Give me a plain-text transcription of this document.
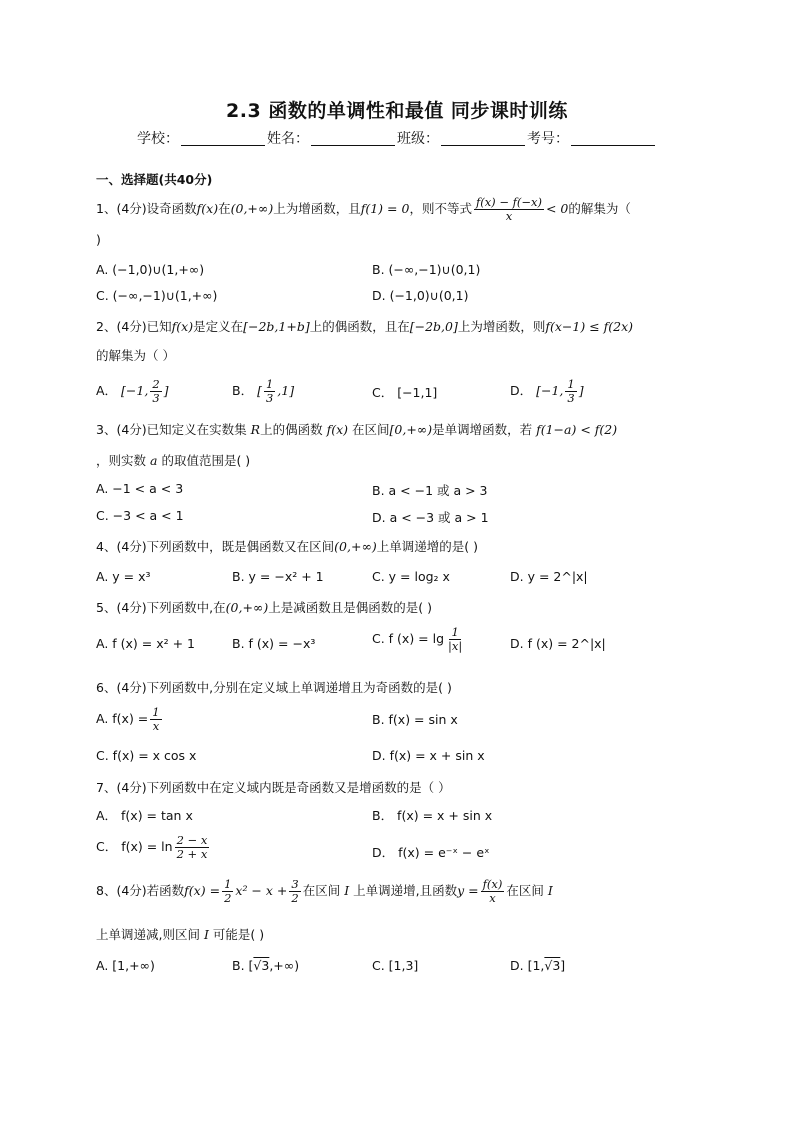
2.3 函数的单调性和最值 同步课时训练
学校：	姓名：	班级：	考号：
一、选择题(共40分)
1、(4分)设奇函数f(x)在(0,+∞)上为增函数，且f(1) = 0，则不等式 $\frac{f(x) - f(-x)}{x} < 0$的解集为（
)
A. (−1,0)∪(1,+∞)	B. (−∞,−1)∪(0,1)
C. (−∞,−1)∪(1,+∞)	D. (−1,0)∪(0,1)
2、(4分)已知f(x)是定义在[−2b,1+b]上的偶函数，且在[−2b,0]上为增函数，则f(x−1) ≤ f(2x)
的解集为（ ）
A． [−1, $\frac{2}{3}$ ]	B． [ $\frac{1}{3} ,1$]	C． [−1,1]	D． [−1, $\frac{1}{3}$ ]
3、(4分)已知定义在实数集 R上的偶函数 f(x) 在区间[0,+∞)是单调增函数，若 f(1−a) < f(2)
，则实数 a 的取值范围是( )
A. −1 < a < 3	B. a < −1 或 a > 3
C. −3 < a < 1	D. a < −3 或 a > 1
4、(4分)下列函数中，既是偶函数又在区间(0,+∞)上单调递增的是( )
A. y = x³	B. y = −x² + 1	C. y = log₂ x	D. y = 2^|x|
5、(4分)下列函数中,在(0,+∞)上是减函数且是偶函数的是( )
A. f (x) = x² + 1	B. f (x) = −x³	C. f $(x) = \lg \frac{1}{|x|}$	D. f (x) = 2^|x|
6、(4分)下列函数中,分别在定义域上单调递增且为奇函数的是( )
A. $f(x) = \frac{1}{x}$	B. f(x) = sin x
C. f(x) = x cos x	D. f(x) = x + sin x
7、(4分)下列函数中在定义域内既是奇函数又是增函数的是（ ）
A． f(x) = tan x	B． f(x) = x + sin x
C． $f(x) = \ln \frac{2 - x}{2 + x}$	D． f(x) = e⁻ˣ − eˣ
8、(4分)若函数$f(x) = \frac{1}{2} x^2 - x + \frac{3}{2}$ 在区间 I 上单调递增,且函数$y = \frac{f(x)}{x}$ 在区间 I
上单调递减,则区间 I 可能是( )
A. [1,+∞)	B. [√3,+∞)	C. [1,3]	D. [1,√3]
